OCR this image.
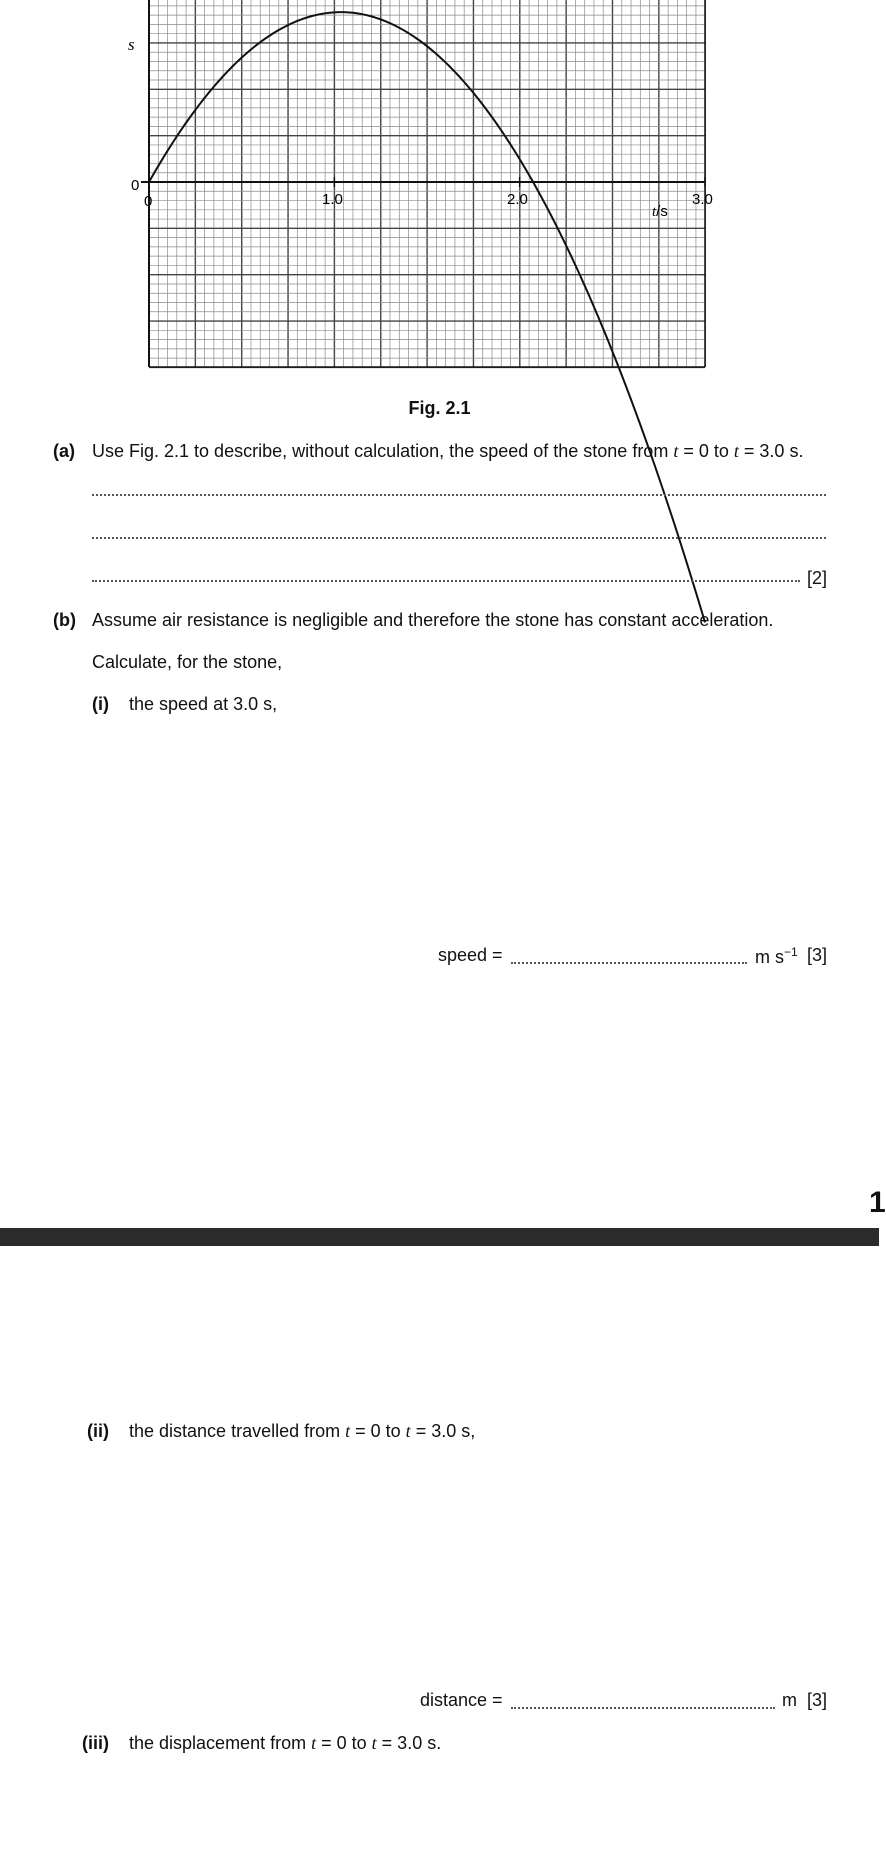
s
0
0	1.0	2.0	3.0
t/s
Fig. 2.1
(a) Use Fig. 2.1 to describe, without calculation, the speed of the stone from t = 0 to t = 3.0 s.
[2]
(b) Assume air resistance is negligible and therefore the stone has constant acceleration.
Calculate, for the stone,
(i) the speed at 3.0 s,
speed =	m $s^{-1}$ [3]
1
(ii) the distance travelled from t = 0 to t = 3.0 s,
distance =	m [3]
(iii) the displacement from t = 0 to t = 3.0 s.
